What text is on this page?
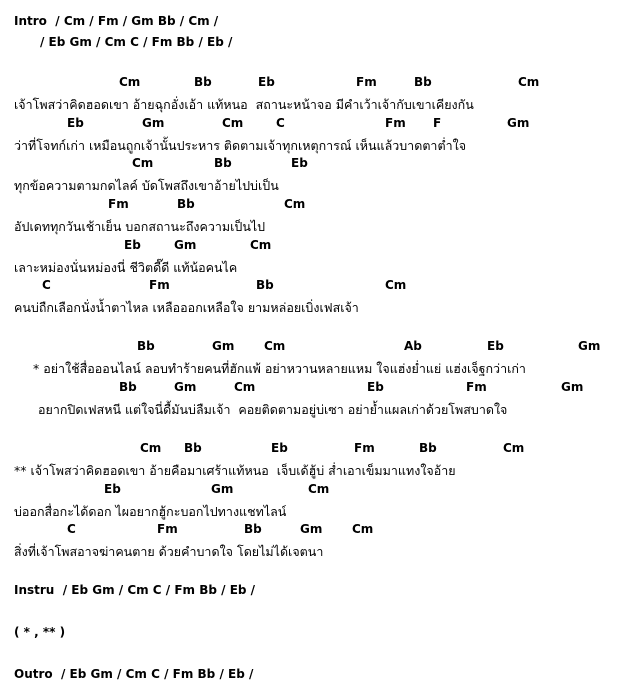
Intro  / Cm / Fm / Gm Bb / Cm /
/ Eb Gm / Cm C / Fm Bb / Eb /
Cm	Bb	Eb	Fm	Bb	Cm
เจ้าโพสว่าคิดฮอดเขา อ้ายฉุกอั่งเอ้า แท้หนอ  สถานะหน้าจอ มีคำเว้าเจ้ากับเขาเคียงกัน
Eb	Gm	Cm	C	Fm F	Gm
ว่าที่โจทก์เก่า เหมือนถูกเจ้านั้นประหาร ติดตามเจ้าทุกเหตุการณ์ เห็นแล้วบาดตาต่ำใจ
Cm	Bb	Eb
ทุกข้อความตามกดไลค์ บัดโพสถึงเขาอ้ายไปบ่เป็น
Fm	Bb	Cm
อัปเดททุกวันเช้าเย็น บอกสถานะถึงความเป็นไป
Eb	Gm	Cm
เลาะหม่องนั่นหม่องนี่ ชีวิตดี๊ดี แท้น้อคนไค
C	Fm	Bb	Cm
คนบ่ถืกเลือกนั่งน้ำตาไหล เหลือออกเหลือใจ ยามหล่อยเบิ่งเฟสเจ้า
Bb	Gm Cm	Ab	Eb	Gm
* อย่าใช้สื่อออนไลน์ ลอบทำร้ายคนที่ฮักแพ้ อย่าหวานหลายแหม ใจแฮ่งย่ำแย่ แฮ่งเจ็ฐกว่าเก่า
Bb	Gm	Cm	Eb	Fm	Gm
อยากปิดเฟสหนี แต่ใจนี่ดื้มันบ่ลืมเจ้า  คอยติดตามอยู่บ่เซา อย่าย้ำแผลเก่าด้วยโพสบาดใจ
Cm Bb	Eb	Fm	Bb	Cm
** เจ้าโพสว่าคิดฮอดเขา อ้ายคือมาเศร้าแท้หนอ  เจ็บเด้ฮู้บ่ ส่ำเอาเข็มมาแทงใจอ้าย
Eb	Gm	Cm
บ่ออกสื่อกะได้ดอก ไผอยากฮู้กะบอกไปทางแชทไลน์
C	Fm	Bb	Gm Cm
สิ่งที่เจ้าโพสอาจฆ่าคนตาย ด้วยคำบาดใจ โดยไม่ได้เจตนา
Instru  / Eb Gm / Cm C / Fm Bb / Eb /
( * , ** )
Outro  / Eb Gm / Cm C / Fm Bb / Eb /
